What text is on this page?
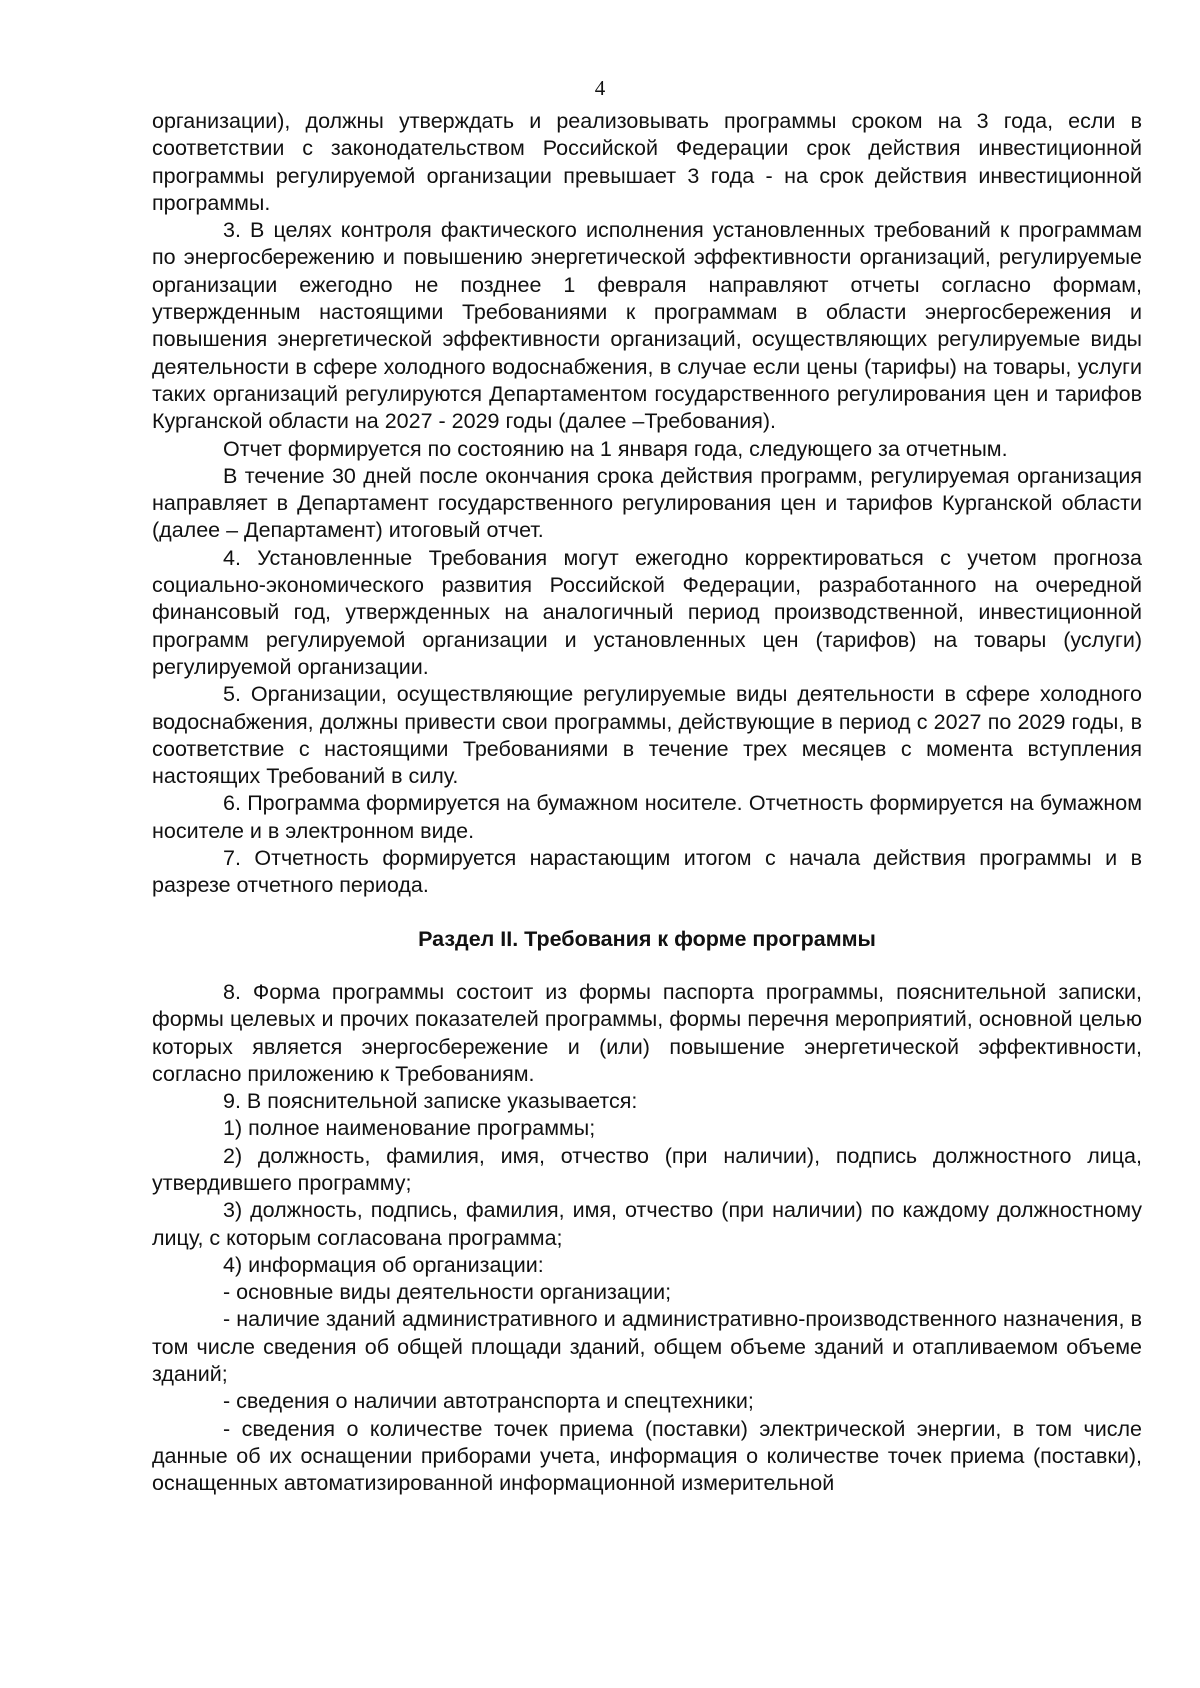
4

организации), должны утверждать и реализовывать программы сроком на 3 года, если в соответствии с законодательством Российской Федерации срок действия инвестиционной программы регулируемой организации превышает 3 года - на срок действия инвестиционной программы.

3. В целях контроля фактического исполнения установленных требований к программам по энергосбережению и повышению энергетической эффективности организаций, регулируемые организации ежегодно не позднее 1 февраля направляют отчеты согласно формам, утвержденным настоящими Требованиями к программам в области энергосбережения и повышения энергетической эффективности организаций, осуществляющих регулируемые виды деятельности в сфере холодного водоснабжения, в случае если цены (тарифы) на товары, услуги таких организаций регулируются Департаментом государственного регулирования цен и тарифов Курганской области на 2027 - 2029 годы (далее –Требования).

Отчет формируется по состоянию на 1 января года, следующего за отчетным.

В течение 30 дней после окончания срока действия программ, регулируемая организация направляет в Департамент государственного регулирования цен и тарифов Курганской области (далее – Департамент) итоговый отчет.

4. Установленные Требования могут ежегодно корректироваться с учетом прогноза социально-экономического развития Российской Федерации, разработанного на очередной финансовый год, утвержденных на аналогичный период производственной, инвестиционной программ регулируемой организации и установленных цен (тарифов) на товары (услуги) регулируемой организации.

5. Организации, осуществляющие регулируемые виды деятельности в сфере холодного водоснабжения, должны привести свои программы, действующие в период с 2027 по 2029 годы, в соответствие с настоящими Требованиями в течение трех месяцев с момента вступления настоящих Требований в силу.

6. Программа формируется на бумажном носителе. Отчетность формируется на бумажном носителе и в электронном виде.

7. Отчетность формируется нарастающим итогом с начала действия программы и в разрезе отчетного периода.

Раздел II. Требования к форме программы

8. Форма программы состоит из формы паспорта программы, пояснительной записки, формы целевых и прочих показателей программы, формы перечня мероприятий, основной целью которых является энергосбережение и (или) повышение энергетической эффективности, согласно приложению к Требованиям.

9. В пояснительной записке указывается:

1) полное наименование программы;

2) должность, фамилия, имя, отчество (при наличии), подпись должностного лица, утвердившего программу;

3) должность, подпись, фамилия, имя, отчество (при наличии) по каждому должностному лицу, с которым согласована программа;

4) информация об организации:

- основные виды деятельности организации;

- наличие зданий административного и административно-производственного назначения, в том числе сведения об общей площади зданий, общем объеме зданий и отапливаемом объеме зданий;

- сведения о наличии автотранспорта и спецтехники;

- сведения о количестве точек приема (поставки) электрической энергии, в том числе данные об их оснащении приборами учета, информация о количестве точек приема (поставки), оснащенных автоматизированной информационной измерительной
